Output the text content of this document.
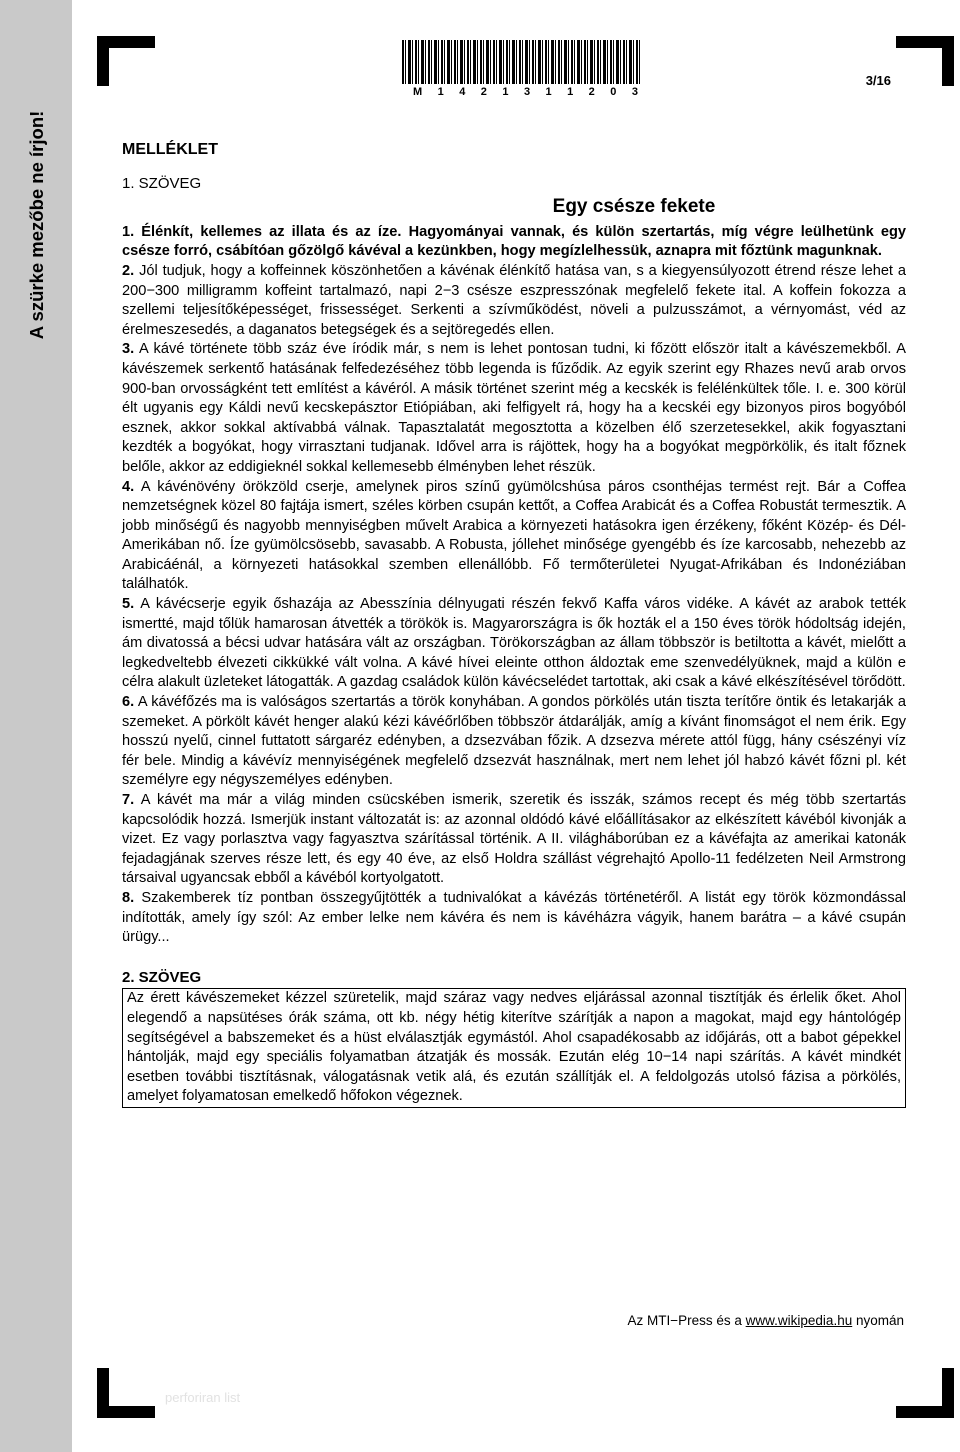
A szürke mezőbe ne írjon!
M 1 4 2 1 3 1 1 2 0 3
3/16
MELLÉKLET
1. SZÖVEG
Egy csésze fekete

1. Élénkít, kellemes az illata és az íze. Hagyományai vannak, és külön szertartás, míg végre leülhetünk egy csésze forró, csábítóan gőzölgő kávéval a kezünkben, hogy megízlelhessük, aznapra mit főztünk magunknak.

2. Jól tudjuk, hogy a koffeinnek köszönhetően a kávénak élénkítő hatása van, s a kiegyensúlyozott étrend része lehet a 200−300 milligramm koffeint tartalmazó, napi 2−3 csésze eszpresszónak megfelelő fekete ital. A koffein fokozza a szellemi teljesítőképességet, frissességet. Serkenti a szívműködést, növeli a pulzusszámot, a vérnyomást, véd az érelmeszesedés, a daganatos betegségek és a sejtöregedés ellen.

3. A kávé története több száz éve íródik már, s nem is lehet pontosan tudni, ki főzött először italt a kávészemekből. A kávészemek serkentő hatásának felfedezéséhez több legenda is fűződik. Az egyik szerint egy Rhazes nevű arab orvos 900-ban orvosságként tett említést a kávéról. A másik történet szerint még a kecskék is felélénkültek tőle. I. e. 300 körül élt ugyanis egy Káldi nevű kecskepásztor Etiópiában, aki felfigyelt rá, hogy ha a kecskéi egy bizonyos piros bogyóból esznek, akkor sokkal aktívabbá válnak. Tapasztalatát megosztotta a közelben élő szerzetesekkel, akik fogyasztani kezdték a bogyókat, hogy virrasztani tudjanak. Idővel arra is rájöttek, hogy ha a bogyókat megpörkölik, és italt főznek belőle, akkor az eddigieknél sokkal kellemesebb élményben lehet részük.

4. A kávénövény örökzöld cserje, amelynek piros színű gyümölcshúsa páros csonthéjas termést rejt. Bár a Coffea nemzetségnek közel 80 fajtája ismert, széles körben csupán kettőt, a Coffea Arabicát és a Coffea Robustát termesztik. A jobb minőségű és nagyobb mennyiségben művelt Arabica a környezeti hatásokra igen érzékeny, főként Közép- és Dél-Amerikában nő. Íze gyümölcsösebb, savasabb. A Robusta, jóllehet minősége gyengébb és íze karcosabb, nehezebb az Arabicáénál, a környezeti hatásokkal szemben ellenállóbb. Fő termőterületei Nyugat-Afrikában és Indonéziában találhatók.

5. A kávécserje egyik őshazája az Abesszínia délnyugati részén fekvő Kaffa város vidéke. A kávét az arabok tették ismertté, majd tőlük hamarosan átvették a törökök is. Magyarországra is ők hozták el a 150 éves török hódoltság idején, ám divatossá a bécsi udvar hatására vált az országban. Törökországban az állam többször is betiltotta a kávét, mielőtt a legkedveltebb élvezeti cikkükké vált volna. A kávé hívei eleinte otthon áldoztak eme szenvedélyüknek, majd a külön e célra alakult üzleteket látogatták. A gazdag családok külön kávécselédet tartottak, aki csak a kávé elkészítésével törődött.

6. A kávéfőzés ma is valóságos szertartás a török konyhában. A gondos pörkölés után tiszta terítőre öntik és letakarják a szemeket. A pörkölt kávét henger alakú kézi kávéőrlőben többször átdarálják, amíg a kívánt finomságot el nem érik. Egy hosszú nyelű, cinnel futtatott sárgaréz edényben, a dzsezvában főzik. A dzsezva mérete attól függ, hány csészényi víz fér bele. Mindig a kávévíz mennyiségének megfelelő dzsezvát használnak, mert nem lehet jól habzó kávét főzni pl. két személyre egy négyszemélyes edényben.

7. A kávét ma már a világ minden csücskében ismerik, szeretik és isszák, számos recept és még több szertartás kapcsolódik hozzá. Ismerjük instant változatát is: az azonnal oldódó kávé előállításakor az elkészített kávéból kivonják a vizet. Ez vagy porlasztva vagy fagyasztva szárítással történik. A II. világháborúban ez a kávéfajta az amerikai katonák fejadagjának szerves része lett, és egy 40 éve, az első Holdra szállást végrehajtó Apollo-11 fedélzeten Neil Armstrong társaival ugyancsak ebből a kávéból kortyolgatott.

8. Szakemberek tíz pontban összegyűjtötték a tudnivalókat a kávézás történetéről. A listát egy török közmondással indították, amely így szól: Az ember lelke nem kávéra és nem is kávéházra vágyik, hanem barátra – a kávé csupán ürügy...

2. SZÖVEG
Az érett kávészemeket kézzel szüretelik, majd száraz vagy nedves eljárással azonnal tisztítják és érlelik őket. Ahol elegendő a napsütéses órák száma, ott kb. négy hétig kiterítve szárítják a napon a magokat, majd egy hántológép segítségével a babszemeket és a hüst elválasztják egymástól. Ahol csapadékosabb az időjárás, ott a babot gépekkel hántolják, majd egy speciális folyamatban átzatják és mossák. Ezután elég 10−14 napi szárítás. A kávét mindkét esetben további tisztításnak, válogatásnak vetik alá, és ezután szállítják el. A feldolgozás utolsó fázisa a pörkölés, amelyet folyamatosan emelkedő hőfokon végeznek.
Az MTI−Press és a www.wikipedia.hu nyomán
perforiran list
